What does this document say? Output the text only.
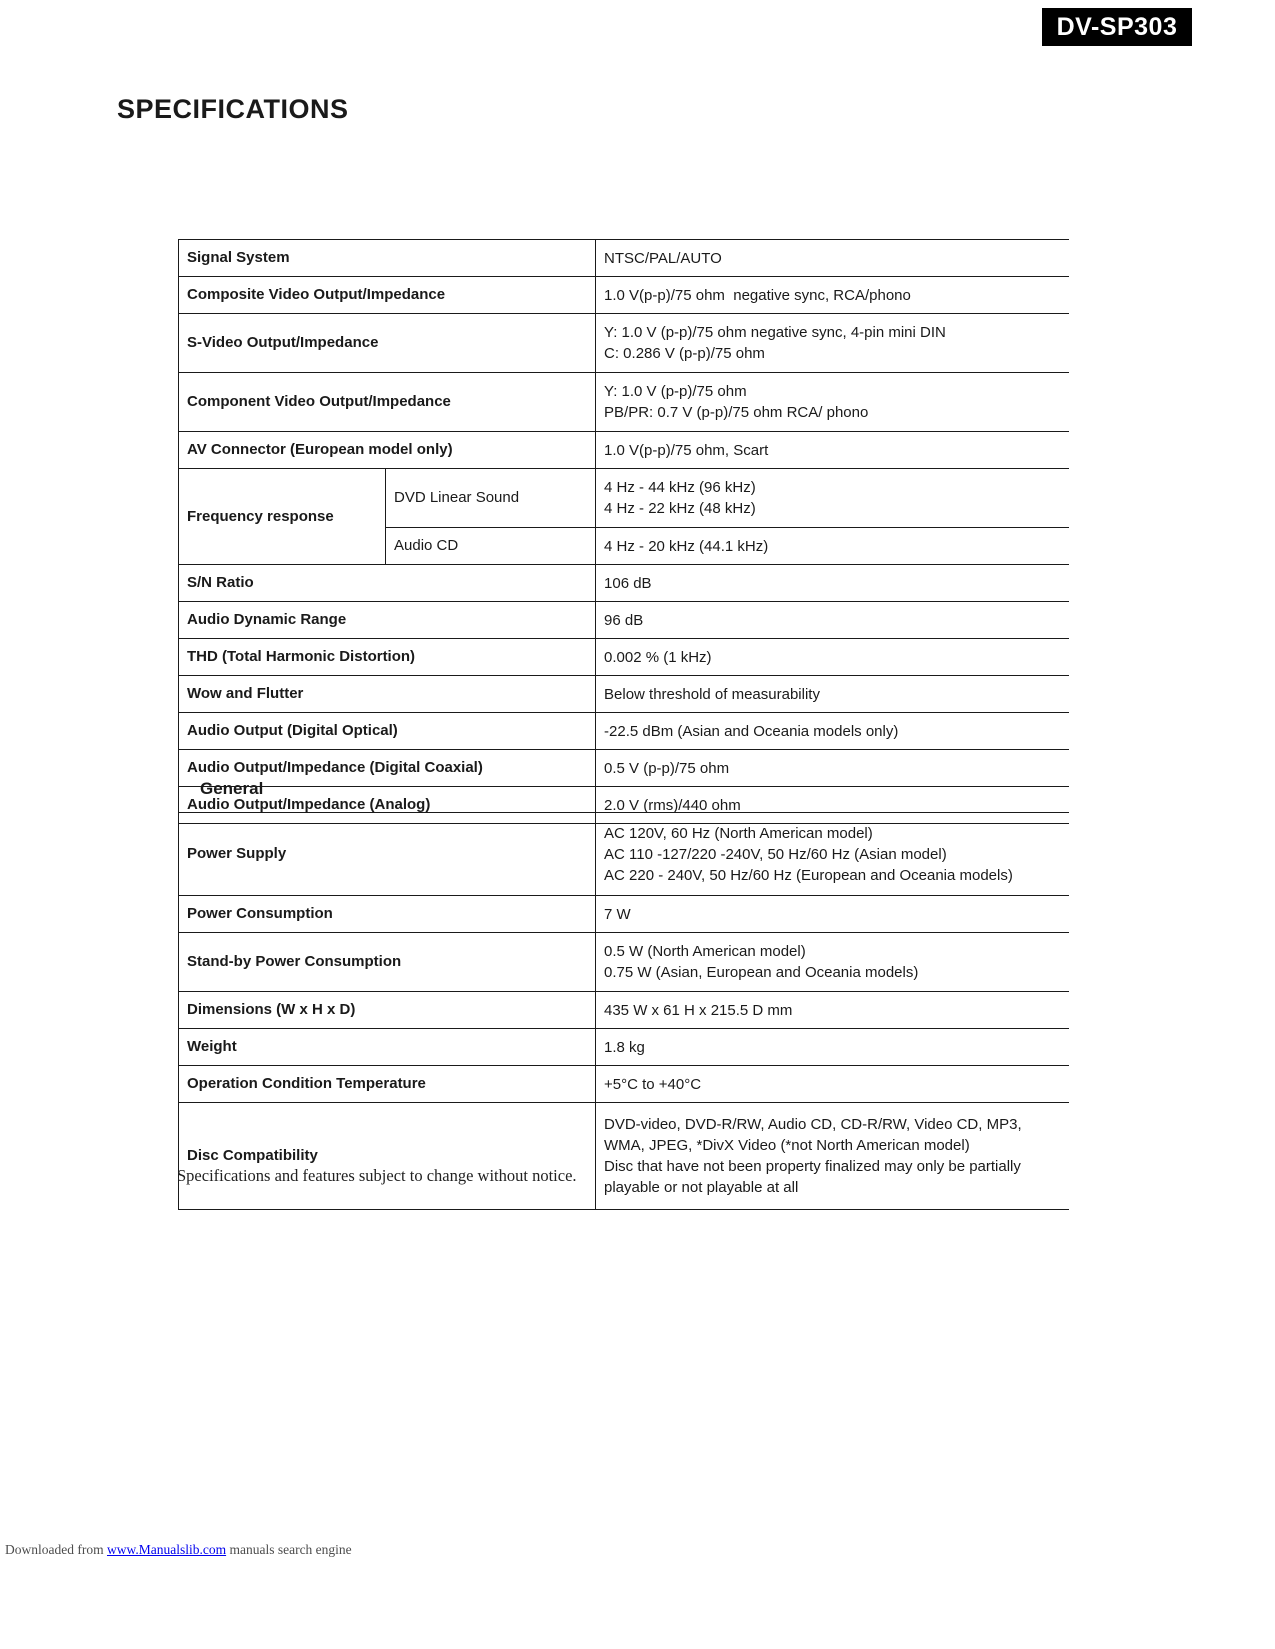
DV-SP303
SPECIFICATIONS
Signal System		NTSC/PAL/AUTO

Composite Video Output/Impedance		1.0 V(p-p)/75 ohm  negative sync, RCA/phono

S-Video Output/Impedance		Y: 1.0 V (p-p)/75 ohm negative sync, 4-pin mini DIN
C: 0.286 V (p-p)/75 ohm

Component Video Output/Impedance		Y: 1.0 V (p-p)/75 ohm
PB/PR: 0.7 V (p-p)/75 ohm RCA/ phono

AV Connector (European model only)		1.0 V(p-p)/75 ohm, Scart

Frequency response	DVD Linear Sound	4 Hz - 44 kHz (96 kHz)
4 Hz - 22 kHz (48 kHz)

	Audio CD	4 Hz - 20 kHz (44.1 kHz)

S/N Ratio		106 dB

Audio Dynamic Range		96 dB

THD (Total Harmonic Distortion)		0.002 % (1 kHz)

Wow and Flutter		Below threshold of measurability

Audio Output (Digital Optical)		-22.5 dBm (Asian and Oceania models only)

Audio Output/Impedance (Digital Coaxial)		0.5 V (p-p)/75 ohm

Audio Output/Impedance (Analog)		2.0 V (rms)/440 ohm
General
Power Supply	AC 120V, 60 Hz (North American model)
AC 110 -127/220 -240V, 50 Hz/60 Hz (Asian model)
AC 220 - 240V, 50 Hz/60 Hz (European and Oceania models)

Power Consumption	7 W

Stand-by Power Consumption	0.5 W (North American model)
0.75 W (Asian, European and Oceania models)

Dimensions (W x H x D)	435 W x 61 H x 215.5 D mm

Weight	1.8 kg

Operation Condition Temperature	+5°C to +40°C

Disc Compatibility	DVD-video, DVD-R/RW, Audio CD, CD-R/RW, Video CD, MP3,
WMA, JPEG, *DivX Video (*not North American model)
Disc that have not been property finalized may only be partially
playable or not playable at all
Specifications and features subject to change without notice.
Downloaded from www.Manualslib.com manuals search engine
